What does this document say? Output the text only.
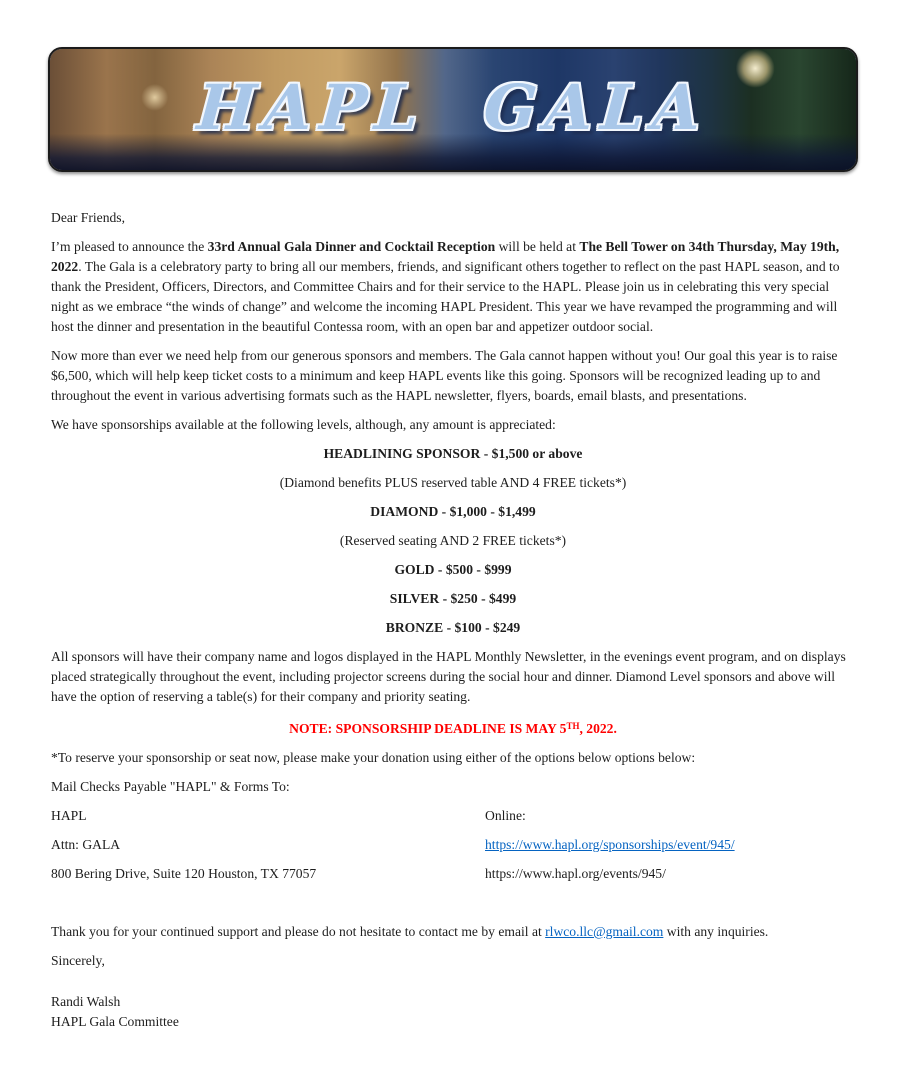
HAPL GALA

Dear Friends,

I’m pleased to announce the 33rd Annual Gala Dinner and Cocktail Reception will be held at The Bell Tower on 34th Thursday, May 19th, 2022. The Gala is a celebratory party to bring all our members, friends, and significant others together to reflect on the past HAPL season, and to thank the President, Officers, Directors, and Committee Chairs and for their service to the HAPL. Please join us in celebrating this very special night as we embrace “the winds of change” and welcome the incoming HAPL President. This year we have revamped the programming and will host the dinner and presentation in the beautiful Contessa room, with an open bar and appetizer outdoor social.

Now more than ever we need help from our generous sponsors and members. The Gala cannot happen without you! Our goal this year is to raise $6,500, which will help keep ticket costs to a minimum and keep HAPL events like this going. Sponsors will be recognized leading up to and throughout the event in various advertising formats such as the HAPL newsletter, flyers, boards, email blasts, and presentations.

We have sponsorships available at the following levels, although, any amount is appreciated:

HEADLINING SPONSOR - $1,500 or above

(Diamond benefits PLUS reserved table AND 4 FREE tickets*)

DIAMOND - $1,000 - $1,499

(Reserved seating AND 2 FREE tickets*)

GOLD - $500 - $999

SILVER - $250 - $499

BRONZE - $100 - $249

All sponsors will have their company name and logos displayed in the HAPL Monthly Newsletter, in the evenings event program, and on displays placed strategically throughout the event, including projector screens during the social hour and dinner. Diamond Level sponsors and above will have the option of reserving a table(s) for their company and priority seating.

NOTE: SPONSORSHIP DEADLINE IS MAY 5TH, 2022.

*To reserve your sponsorship or seat now, please make your donation using either of the options below options below:

Mail Checks Payable "HAPL" & Forms To:

HAPL	Online:

Attn: GALA	https://www.hapl.org/sponsorships/event/945/

800 Bering Drive, Suite 120 Houston, TX 77057	https://www.hapl.org/events/945/

Thank you for your continued support and please do not hesitate to contact me by email at rlwco.llc@gmail.com with any inquiries.

Sincerely,

Randi Walsh
HAPL Gala Committee
